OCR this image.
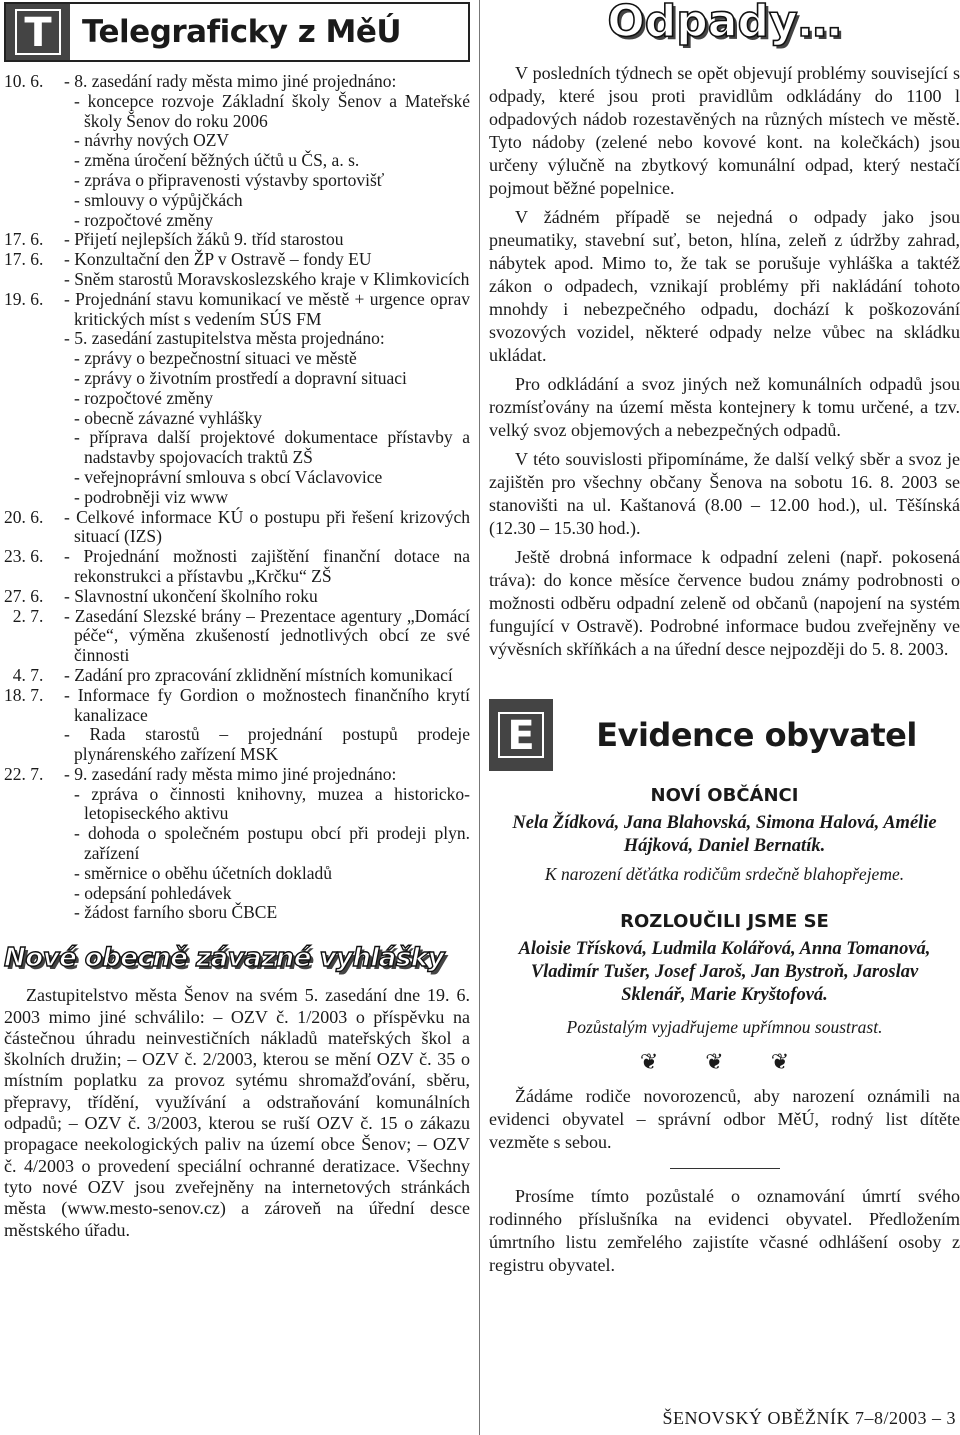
T Telegraficky z MěÚ
10. 6.	- 8. zasedání rady města mimo jiné projednáno:
- koncepce rozvoje Základní školy Šenov a Mateřské školy Šenov do roku 2006
- návrhy nových OZV
- změna úročení běžných účtů u ČS, a. s.
- zpráva o připravenosti výstavby sportovišť
- smlouvy o výpůjčkách
- rozpočtové změny
17. 6.	- Přijetí nejlepších žáků 9. tříd starostou
17. 6.	- Konzultační den ŽP v Ostravě – fondy EU
- Sněm starostů Moravskoslezského kraje v Klimkovicích
19. 6.	- Projednání stavu komunikací ve městě + urgence oprav kritických míst s vedením SÚS FM
- 5. zasedání zastupitelstva města projednáno:
- zprávy o bezpečnostní situaci ve městě
- zprávy o životním prostředí a dopravní situaci
- rozpočtové změny
- obecně závazné vyhlášky
- příprava další projektové dokumentace přístavby a nadstavby spojovacích traktů ZŠ
- veřejnoprávní smlouva s obcí Václavovice
- podrobněji viz www
20. 6.	- Celkové informace KÚ o postupu při řešení krizových situací (IZS)
23. 6.	- Projednání možnosti zajištění finanční dotace na rekonstrukci a přístavbu „Krčku“ ZŠ
27. 6.	- Slavnostní ukončení školního roku
2. 7.	- Zasedání Slezské brány – Prezentace agentury „Domácí péče“, výměna zkušeností jednotlivých obcí ze své činnosti
4. 7.	- Zadání pro zpracování zklidnění místních komunikací
18. 7.	- Informace fy Gordion o možnostech finančního krytí kanalizace
- Rada starostů – projednání postupů prodeje plynárenského zařízení MSK
22. 7.	- 9. zasedání rady města mimo jiné projednáno:
- zpráva o činnosti knihovny, muzea a historicko-letopiseckého aktivu
- dohoda o společném postupu obcí při prodeji plyn. zařízení
- směrnice o oběhu účetních dokladů
- odepsání pohledávek
- žádost farního sboru ČBCE
Nové obecně závazné vyhlášky
Zastupitelstvo města Šenov na svém 5. zasedání dne 19. 6. 2003 mimo jiné schválilo: – OZV č. 1/2003 o příspěvku na částečnou úhradu neinvestičních nákladů mateřských škol a školních družin; – OZV č. 2/2003, kterou se mění OZV č. 35 o místním poplatku za provoz sytému shromažďování, sběru, přepravy, třídění, využívání a odstraňování komunálních odpadů; – OZV č. 3/2003, kterou se ruší OZV č. 15 o zákazu propagace neekologických paliv na území obce Šenov; – OZV č. 4/2003 o provedení speciální ochranné deratizace. Všechny tyto nové OZV jsou zveřejněny na internetových stránkách města (www.mesto-senov.cz) a zároveň na úřední desce městského úřadu.
Odpady…

V posledních týdnech se opět objevují problémy související s odpady, které jsou proti pravidlům odkládány do 1100 l odpadových nádob rozestavěných na různých místech ve městě. Tyto nádoby (zelené nebo kovové kont. na kolečkách) jsou určeny výlučně na zbytkový komunální odpad, který nestačí pojmout běžné popelnice.

V žádném případě se nejedná o odpady jako jsou pneumatiky, stavební suť, beton, hlína, zeleň z údržby zahrad, nábytek apod. Mimo to, že tak se porušuje vyhláška a taktéž zákon o odpadech, vznikají problémy při nakládání tohoto mnohdy i nebezpečného odpadu, dochází k poškozování svozových vozidel, některé odpady nelze vůbec na skládku ukládat.

Pro odkládání a svoz jiných než komunálních odpadů jsou rozmísťovány na území města kontejnery k tomu určené, a tzv. velký svoz objemových a nebezpečných odpadů.

V této souvislosti připomínáme, že další velký sběr a svoz je zajištěn pro všechny občany Šenova na sobotu 16. 8. 2003 se stanovišti na ul. Kaštanová (8.00 – 12.00 hod.), ul. Těšínská (12.30 – 15.30 hod.).

Ještě drobná informace k odpadní zeleni (např. pokosená tráva): do konce měsíce července budou známy podrobnosti o možnosti odběru odpadní zeleně od občanů (napojení na systém fungující v Ostravě). Podrobné informace budou zveřejněny ve vývěsních skříňkách a na úřední desce nejpozději do 5. 8. 2003.

E	Evidence obyvatel
NOVÍ OBČÁNCI
Nela Žídková, Jana Blahovská, Simona Halová, Amélie Hájková, Daniel Bernatík.
K narození děťátka rodičům srdečně blahopřejeme.
ROZLOUČILI JSME SE
Aloisie Třísková, Ludmila Kolářová, Anna Tomanová, Vladimír Tušer, Josef Jaroš, Jan Bystroň, Jaroslav Sklenář, Marie Kryštofová.
Pozůstalým vyjadřujeme upřímnou soustrast.
❦ ❦ ❦
Žádáme rodiče novorozenců, aby narození oznámili na evidenci obyvatel – správní odbor MěÚ, rodný list dítěte vezměte s sebou.
Prosíme tímto pozůstalé o oznamování úmrtí svého rodinného příslušníka na evidenci obyvatel. Předložením úmrtního listu zemřelého zajistíte včasné odhlášení osoby z registru obyvatel.
ŠENOVSKÝ OBĚŽNÍK 7–8/2003 – 3
